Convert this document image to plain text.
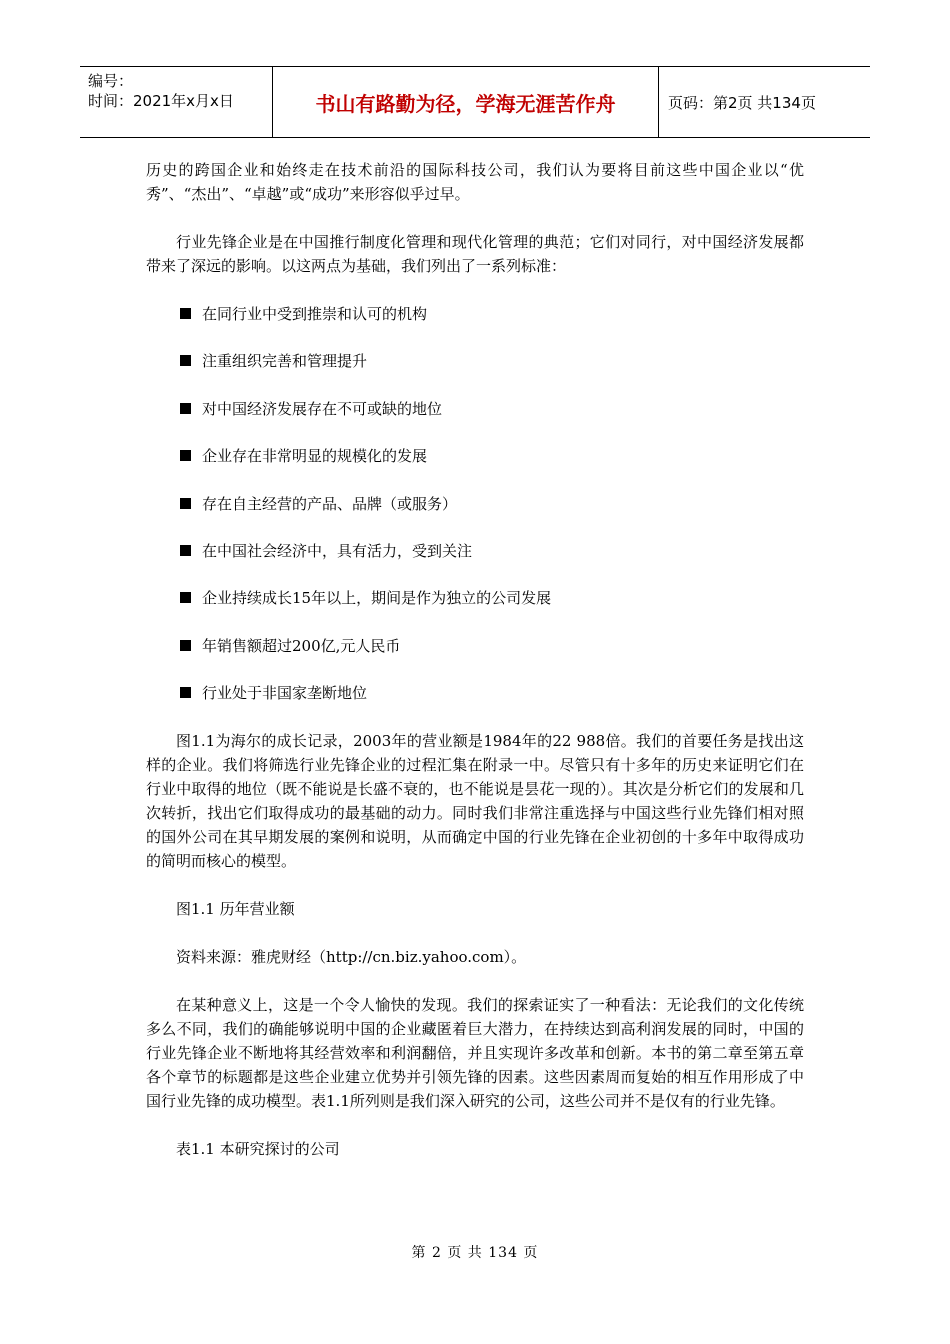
编号：
时间：2021年x月x日	书山有路勤为径，学海无涯苦作舟	页码：第2页 共134页

历史的跨国企业和始终走在技术前沿的国际科技公司，我们认为要将目前这些中国企业以“优秀”、“杰出”、“卓越”或“成功”来形容似乎过早。

行业先锋企业是在中国推行制度化管理和现代化管理的典范；它们对同行，对中国经济发展都带来了深远的影响。以这两点为基础，我们列出了一系列标准：

在同行业中受到推崇和认可的机构
注重组织完善和管理提升
对中国经济发展存在不可或缺的地位
企业存在非常明显的规模化的发展
存在自主经营的产品、品牌（或服务）
在中国社会经济中，具有活力，受到关注
企业持续成长15年以上，期间是作为独立的公司发展
年销售额超过200亿,元人民币
行业处于非国家垄断地位

图1.1为海尔的成长记录，2003年的营业额是1984年的22 988倍。我们的首要任务是找出这样的企业。我们将筛选行业先锋企业的过程汇集在附录一中。尽管只有十多年的历史来证明它们在行业中取得的地位（既不能说是长盛不衰的，也不能说是昙花一现的）。其次是分析它们的发展和几次转折，找出它们取得成功的最基础的动力。同时我们非常注重选择与中国这些行业先锋们相对照的国外公司在其早期发展的案例和说明，从而确定中国的行业先锋在企业初创的十多年中取得成功的简明而核心的模型。

图1.1 历年营业额

资料来源：雅虎财经（http://cn.biz.yahoo.com）。

在某种意义上，这是一个令人愉快的发现。我们的探索证实了一种看法：无论我们的文化传统多么不同，我们的确能够说明中国的企业藏匿着巨大潜力，在持续达到高利润发展的同时，中国的行业先锋企业不断地将其经营效率和利润翻倍，并且实现许多改革和创新。本书的第二章至第五章各个章节的标题都是这些企业建立优势并引领先锋的因素。这些因素周而复始的相互作用形成了中国行业先锋的成功模型。表1.1所列则是我们深入研究的公司，这些公司并不是仅有的行业先锋。

表1.1 本研究探讨的公司

第 2 页 共 134 页
